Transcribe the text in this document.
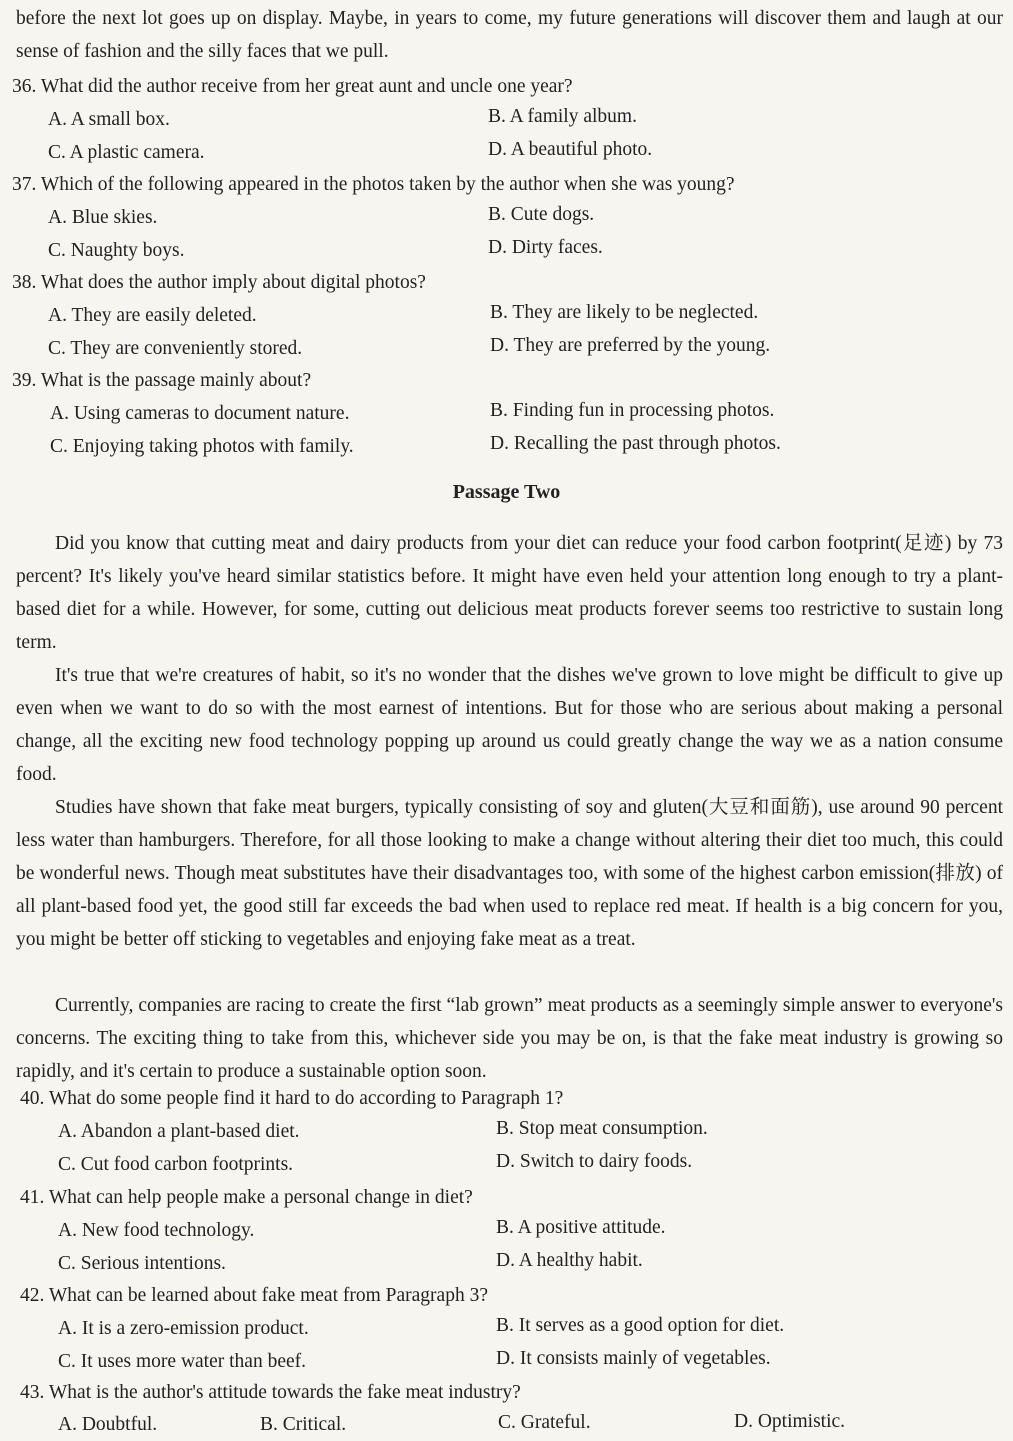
before the next lot goes up on display. Maybe, in years to come, my future generations will discover them and laugh at our sense of fashion and the silly faces that we pull.
36. What did the author receive from her great aunt and uncle one year?
A. A small box.	B. A family album.
C. A plastic camera.	D. A beautiful photo.
37. Which of the following appeared in the photos taken by the author when she was young?
A. Blue skies.	B. Cute dogs.
C. Naughty boys.	D. Dirty faces.
38. What does the author imply about digital photos?
A. They are easily deleted.	B. They are likely to be neglected.
C. They are conveniently stored.	D. They are preferred by the young.
39. What is the passage mainly about?
A. Using cameras to document nature.	B. Finding fun in processing photos.
C. Enjoying taking photos with family.	D. Recalling the past through photos.
Passage Two
Did you know that cutting meat and dairy products from your diet can reduce your food carbon footprint(足迹) by 73 percent? It's likely you've heard similar statistics before. It might have even held your attention long enough to try a plant-based diet for a while. However, for some, cutting out delicious meat products forever seems too restrictive to sustain long term.
It's true that we're creatures of habit, so it's no wonder that the dishes we've grown to love might be difficult to give up even when we want to do so with the most earnest of intentions. But for those who are serious about making a personal change, all the exciting new food technology popping up around us could greatly change the way we as a nation consume food.
Studies have shown that fake meat burgers, typically consisting of soy and gluten(大豆和面筋), use around 90 percent less water than hamburgers. Therefore, for all those looking to make a change without altering their diet too much, this could be wonderful news. Though meat substitutes have their disadvantages too, with some of the highest carbon emission(排放) of all plant-based food yet, the good still far exceeds the bad when used to replace red meat. If health is a big concern for you, you might be better off sticking to vegetables and enjoying fake meat as a treat.
Currently, companies are racing to create the first “lab grown” meat products as a seemingly simple answer to everyone's concerns. The exciting thing to take from this, whichever side you may be on, is that the fake meat industry is growing so rapidly, and it's certain to produce a sustainable option soon.
40. What do some people find it hard to do according to Paragraph 1?
A. Abandon a plant-based diet.	B. Stop meat consumption.
C. Cut food carbon footprints.	D. Switch to dairy foods.
41. What can help people make a personal change in diet?
A. New food technology.	B. A positive attitude.
C. Serious intentions.	D. A healthy habit.
42. What can be learned about fake meat from Paragraph 3?
A. It is a zero-emission product.	B. It serves as a good option for diet.
C. It uses more water than beef.	D. It consists mainly of vegetables.
43. What is the author's attitude towards the fake meat industry?
A. Doubtful.	B. Critical.	C. Grateful.	D. Optimistic.
